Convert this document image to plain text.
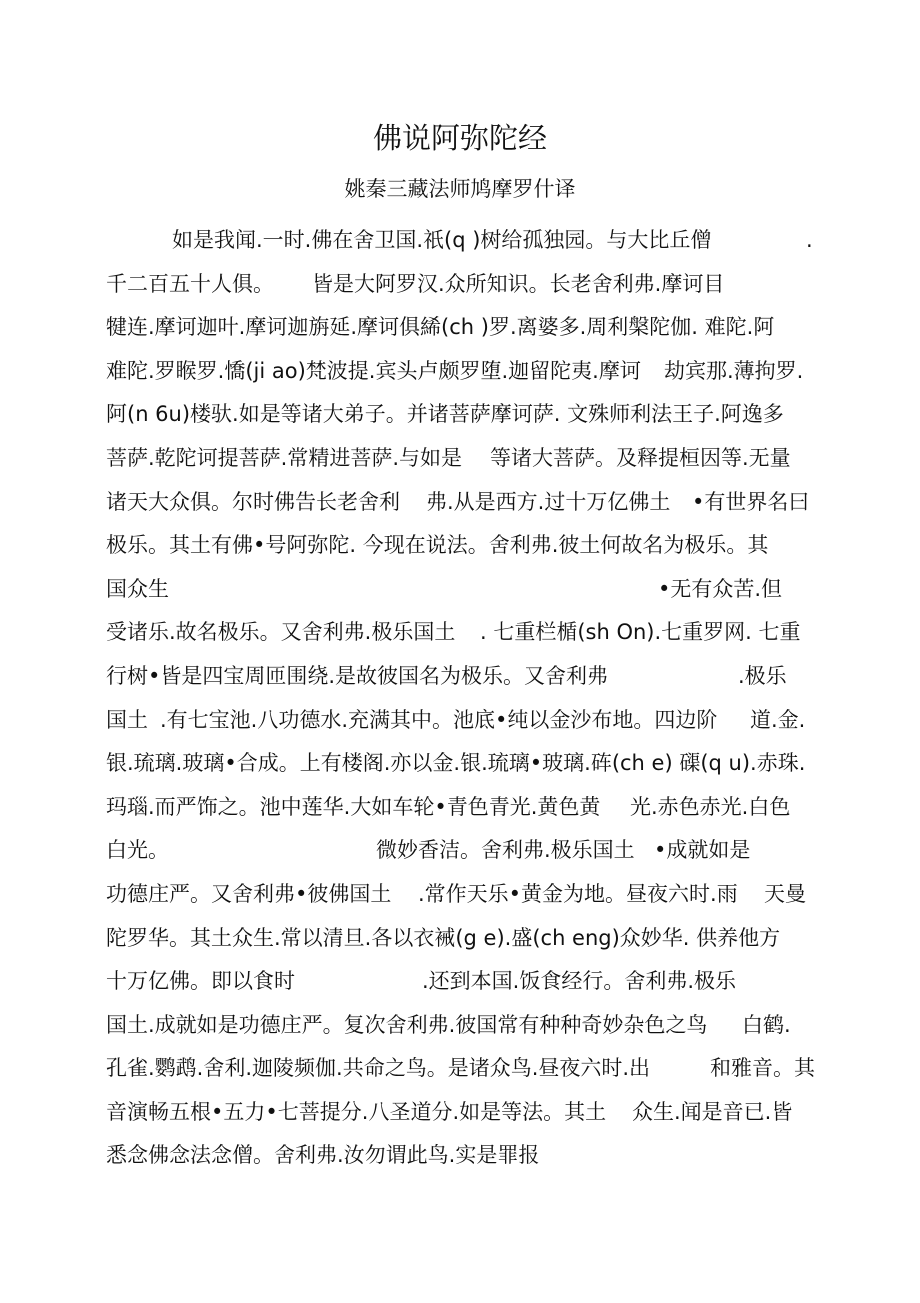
佛说阿弥陀经
姚秦三藏法师鸠摩罗什译
如是我闻.一时.佛在舍卫国.祇(q )树给孤独园。与大比丘僧	.
千二百五十人俱。 皆是大阿罗汉.众所知识。长老舍利弗.摩诃目
犍连.摩诃迦叶.摩诃迦旃延.摩诃俱絺(ch )罗.离婆多.周利槃陀伽. 难陀.阿
难陀.罗睺罗.憍(ji ao)梵波提.宾头卢颇罗堕.迦留陀夷.摩诃 劫宾那.薄拘罗.
阿(n 6u)楼驮.如是等诸大弟子。并诸菩萨摩诃萨. 文殊师利法王子.阿逸多
菩萨.乾陀诃提菩萨.常精进菩萨.与如是 等诸大菩萨。及释提桓因等.无量
诸天大众俱。尔时佛告长老舍利 弗.从是西方.过十万亿佛土 •有世界名曰
极乐。其土有佛•号阿弥陀. 今现在说法。舍利弗.彼土何故名为极乐。其
国众生	•无有众苦.但
受诸乐.故名极乐。又舍利弗.极乐国土 . 七重栏楯(sh On).七重罗网. 七重
行树•皆是四宝周匝围绕.是故彼国名为极乐。又舍利弗	.极乐
国土 .有七宝池.八功德水.充满其中。池底•纯以金沙布地。四边阶 道.金.
银.琉璃.玻璃•合成。上有楼阁.亦以金.银.琉璃•玻璃.砗(ch e) 磲(q u).赤珠.
玛瑙.而严饰之。池中莲华.大如车轮•青色青光.黄色黄 光.赤色赤光.白色
白光。	微妙香洁。舍利弗.极乐国土 •成就如是
功德庄严。又舍利弗•彼佛国土 .常作天乐•黄金为地。昼夜六时.雨 天曼
陀罗华。其土众生.常以清旦.各以衣裓(g e).盛(ch eng)众妙华. 供养他方
十万亿佛。即以食时	.还到本国.饭食经行。舍利弗.极乐
国土.成就如是功德庄严。复次舍利弗.彼国常有种种奇妙杂色之鸟 白鹤.
孔雀.鹦鹉.舍利.迦陵频伽.共命之鸟。是诸众鸟.昼夜六时.出	和雅音。其
音演畅五根•五力•七菩提分.八圣道分.如是等法。其土 众生.闻是音已.皆
悉念佛念法念僧。舍利弗.汝勿谓此鸟.实是罪报
